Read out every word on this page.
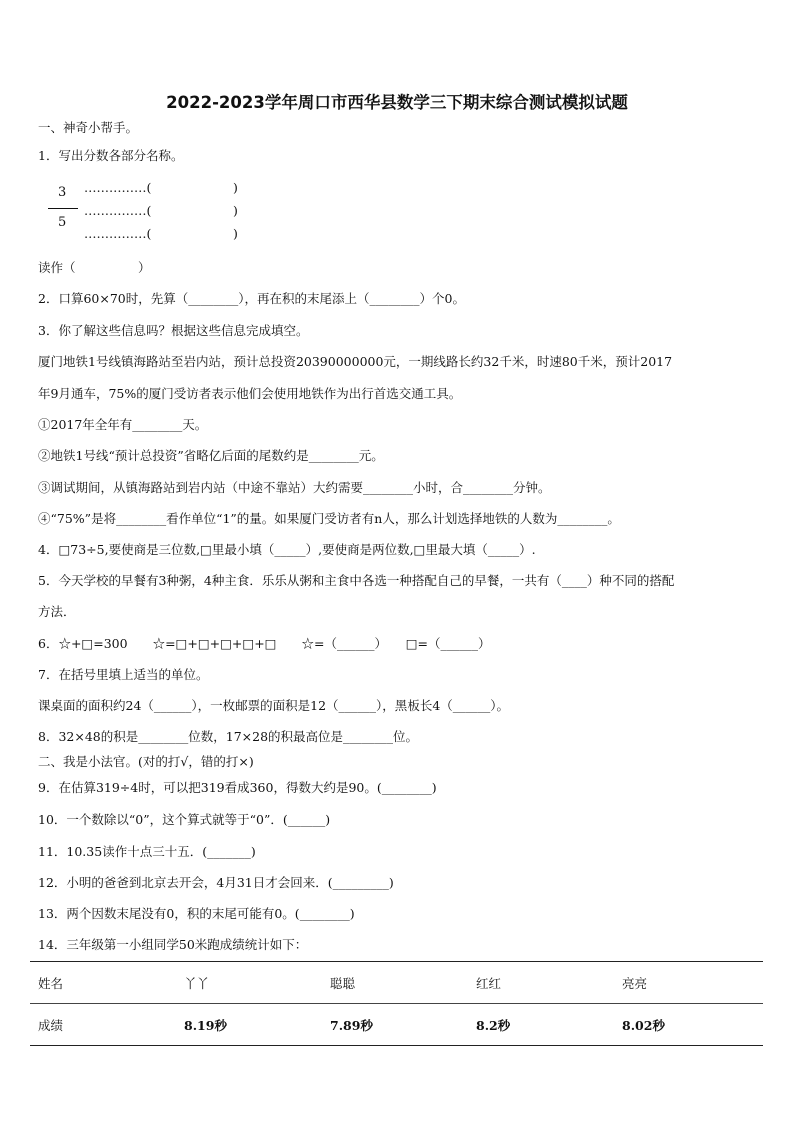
2022-2023学年周口市西华县数学三下期末综合测试模拟试题
一、神奇小帮手。
1．写出分数各部分名称。
3
5
……………(	)
……………(	)
……………(	)
读作（　　　　　）
2．口算60×70时，先算（________），再在积的末尾添上（________）个0。
3．你了解这些信息吗？根据这些信息完成填空。
厦门地铁1号线镇海路站至岩内站，预计总投资20390000000元，一期线路长约32千米，时速80千米，预计2017
年9月通车，75%的厦门受访者表示他们会使用地铁作为出行首选交通工具。
①2017年全年有________天。
②地铁1号线“预计总投资”省略亿后面的尾数约是________元。
③调试期间，从镇海路站到岩内站（中途不靠站）大约需要________小时，合________分钟。
④“75%”是将________看作单位“1”的量。如果厦门受访者有n人，那么计划选择地铁的人数为________。
4．□73÷5,要使商是三位数,□里最小填（_____）,要使商是两位数,□里最大填（_____）.
5．今天学校的早餐有3种粥，4种主食．乐乐从粥和主食中各选一种搭配自己的早餐，一共有（____）种不同的搭配
方法．
6．☆+□=300　　☆=□+□+□+□+□　　☆=（______）　　□=（______）
7．在括号里填上适当的单位。
课桌面的面积约24（______），一枚邮票的面积是12（______），黑板长4（______）。
8．32×48的积是________位数，17×28的积最高位是________位。
二、我是小法官。(对的打√，错的打×)
9．在估算319÷4时，可以把319看成360，得数大约是90。(________)
10．一个数除以“0”，这个算式就等于“0”．(______)
11．10.35读作十点三十五．(_______)
12．小明的爸爸到北京去开会，4月31日才会回来．(_________)
13．两个因数末尾没有0，积的末尾可能有0。(________)
14．三年级第一小组同学50米跑成绩统计如下：
姓名	丫丫	聪聪	红红	亮亮
成绩	8.19秒	7.89秒	8.2秒	8.02秒
